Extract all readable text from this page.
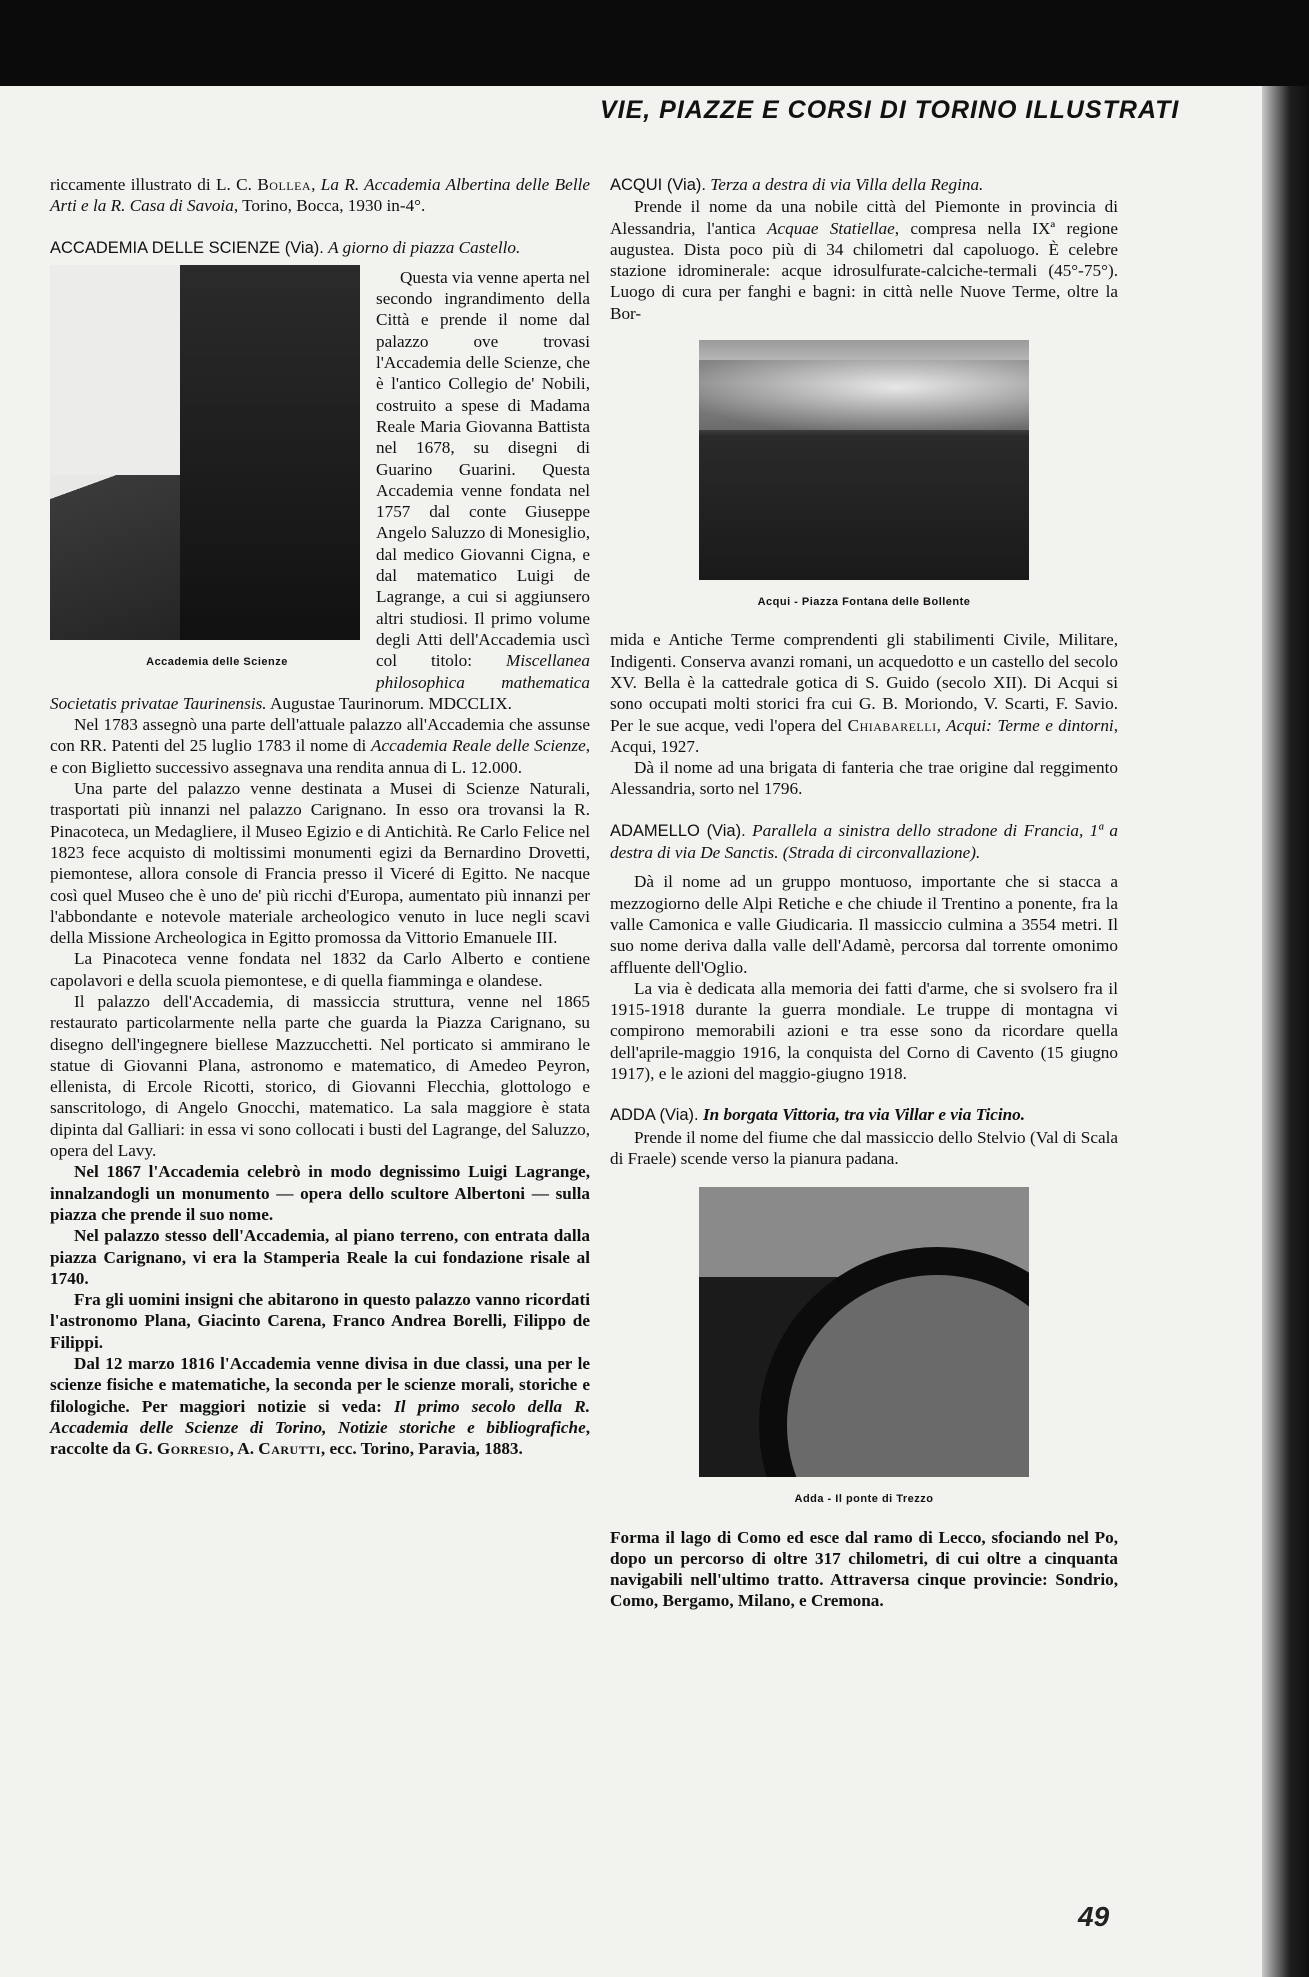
VIE, PIAZZE E CORSI DI TORINO ILLUSTRATI

riccamente illustrato di L. C. Bollea, La R. Accademia Albertina delle Belle Arti e la R. Casa di Savoia, Torino, Bocca, 1930 in-4°.

ACCADEMIA DELLE SCIENZE (Via). A giorno di piazza Castello.

Accademia delle Scienze
Questa via venne aperta nel secondo ingrandimento della Città e prende il nome dal palazzo ove trovasi l'Accademia delle Scienze, che è l'antico Collegio de' Nobili, costruito a spese di Madama Reale Maria Giovanna Battista nel 1678, su disegni di Guarino Guarini. Questa Accademia venne fondata nel 1757 dal conte Giuseppe Angelo Saluzzo di Monesiglio, dal medico Giovanni Cigna, e dal matematico Luigi de Lagrange, a cui si aggiunsero altri studiosi. Il primo volume degli Atti dell'Accademia uscì col titolo: Miscellanea philosophica mathematica Societatis privatae Taurinensis. Augustae Taurinorum. MDCCLIX.

Nel 1783 assegnò una parte dell'attuale palazzo all'Accademia che assunse con RR. Patenti del 25 luglio 1783 il nome di Accademia Reale delle Scienze, e con Biglietto successivo assegnava una rendita annua di L. 12.000.

Una parte del palazzo venne destinata a Musei di Scienze Naturali, trasportati più innanzi nel palazzo Carignano. In esso ora trovansi la R. Pinacoteca, un Medagliere, il Museo Egizio e di Antichità. Re Carlo Felice nel 1823 fece acquisto di moltissimi monumenti egizi da Bernardino Drovetti, piemontese, allora console di Francia presso il Viceré di Egitto. Ne nacque così quel Museo che è uno de' più ricchi d'Europa, aumentato più innanzi per l'abbondante e notevole materiale archeologico venuto in luce negli scavi della Missione Archeologica in Egitto promossa da Vittorio Emanuele III.

La Pinacoteca venne fondata nel 1832 da Carlo Alberto e contiene capolavori e della scuola piemontese, e di quella fiamminga e olandese.

Il palazzo dell'Accademia, di massiccia struttura, venne nel 1865 restaurato particolarmente nella parte che guarda la Piazza Carignano, su disegno dell'ingegnere biellese Mazzucchetti. Nel porticato si ammirano le statue di Giovanni Plana, astronomo e matematico, di Amedeo Peyron, ellenista, di Ercole Ricotti, storico, di Giovanni Flecchia, glottologo e sanscritologo, di Angelo Gnocchi, matematico. La sala maggiore è stata dipinta dal Galliari: in essa vi sono collocati i busti del Lagrange, del Saluzzo, opera del Lavy.

Nel 1867 l'Accademia celebrò in modo degnissimo Luigi Lagrange, innalzandogli un monumento — opera dello scultore Albertoni — sulla piazza che prende il suo nome.

Nel palazzo stesso dell'Accademia, al piano terreno, con entrata dalla piazza Carignano, vi era la Stamperia Reale la cui fondazione risale al 1740.

Fra gli uomini insigni che abitarono in questo palazzo vanno ricordati l'astronomo Plana, Giacinto Carena, Franco Andrea Borelli, Filippo de Filippi.

Dal 12 marzo 1816 l'Accademia venne divisa in due classi, una per le scienze fisiche e matematiche, la seconda per le scienze morali, storiche e filologiche. Per maggiori notizie si veda: Il primo secolo della R. Accademia delle Scienze di Torino, Notizie storiche e bibliografiche, raccolte da G. Gorresio, A. Carutti, ecc. Torino, Paravia, 1883.

ACQUI (Via). Terza a destra di via Villa della Regina.

Prende il nome da una nobile città del Piemonte in provincia di Alessandria, l'antica Acquae Statiellae, compresa nella IXª regione augustea. Dista poco più di 34 chilometri dal capoluogo. È celebre stazione idrominerale: acque idrosulfurate-calciche-termali (45°-75°). Luogo di cura per fanghi e bagni: in città nelle Nuove Terme, oltre la Bor-

Acqui - Piazza Fontana delle Bollente

mida e Antiche Terme comprendenti gli stabilimenti Civile, Militare, Indigenti. Conserva avanzi romani, un acquedotto e un castello del secolo XV. Bella è la cattedrale gotica di S. Guido (secolo XII). Di Acqui si sono occupati molti storici fra cui G. B. Moriondo, V. Scarti, F. Savio. Per le sue acque, vedi l'opera del Chiabarelli, Acqui: Terme e dintorni, Acqui, 1927.

Dà il nome ad una brigata di fanteria che trae origine dal reggimento Alessandria, sorto nel 1796.

ADAMELLO (Via). Parallela a sinistra dello stradone di Francia, 1ª a destra di via De Sanctis. (Strada di circonvallazione).

Dà il nome ad un gruppo montuoso, importante che si stacca a mezzogiorno delle Alpi Retiche e che chiude il Trentino a ponente, fra la valle Camonica e valle Giudicaria. Il massiccio culmina a 3554 metri. Il suo nome deriva dalla valle dell'Adamè, percorsa dal torrente omonimo affluente dell'Oglio.

La via è dedicata alla memoria dei fatti d'arme, che si svolsero fra il 1915-1918 durante la guerra mondiale. Le truppe di montagna vi compirono memorabili azioni e tra esse sono da ricordare quella dell'aprile-maggio 1916, la conquista del Corno di Cavento (15 giugno 1917), e le azioni del maggio-giugno 1918.

ADDA (Via). In borgata Vittoria, tra via Villar e via Ticino.

Prende il nome del fiume che dal massiccio dello Stelvio (Val di Scala di Fraele) scende verso la pianura padana.

Adda - Il ponte di Trezzo

Forma il lago di Como ed esce dal ramo di Lecco, sfociando nel Po, dopo un percorso di oltre 317 chilometri, di cui oltre a cinquanta navigabili nell'ultimo tratto. Attraversa cinque provincie: Sondrio, Como, Bergamo, Milano, e Cremona.

49
